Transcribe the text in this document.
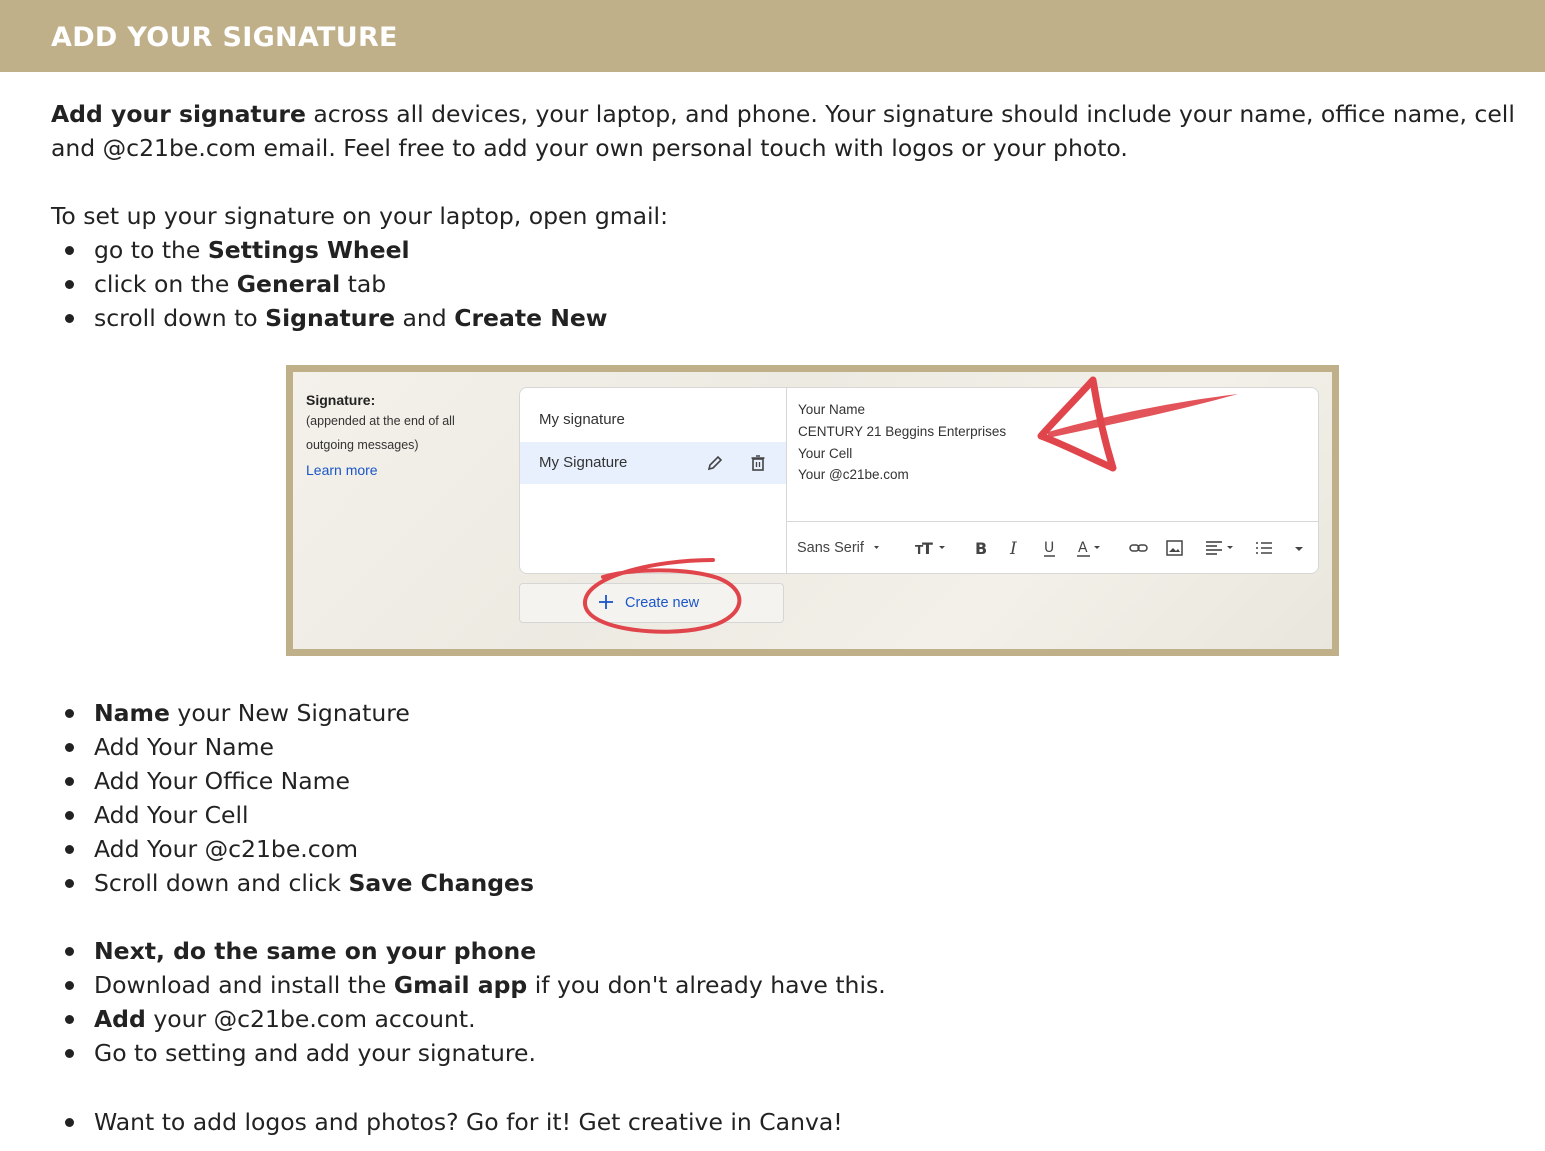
ADD YOUR SIGNATURE
Add your signature across all devices, your laptop, and phone. Your signature should include your name, office name, cell and @c21be.com email. Feel free to add your own personal touch with logos or your photo.
To set up your signature on your laptop, open gmail:
go to the Settings Wheel
click on the General tab
scroll down to Signature and Create New
Signature:
(appended at the end of all
outgoing messages)
Learn more
My signature
My Signature
Your Name
CENTURY 21 Beggins Enterprises
Your Cell
Your @c21be.com
Sans Serif	T
T	B I U A
Create new
Name your New Signature
Add Your Name
Add Your Office Name
Add Your Cell
Add Your @c21be.com
Scroll down and click Save Changes
Next, do the same on your phone
Download and install the Gmail app if you don't already have this.
Add your @c21be.com account.
Go to setting and add your signature.
Want to add logos and photos? Go for it! Get creative in Canva!
